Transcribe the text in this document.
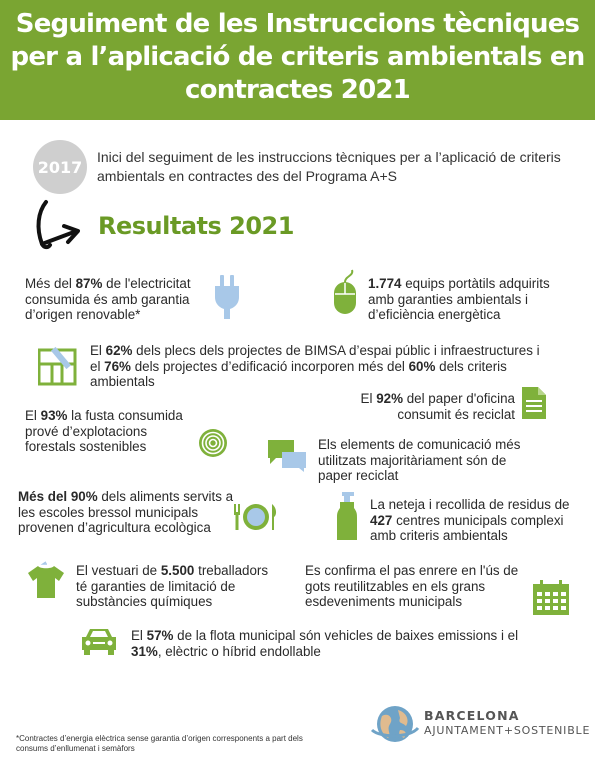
Seguiment de les Instruccions tècniques per a l’aplicació de criteris ambientals en contractes 2021
2017
Inici del seguiment de les instruccions tècniques per a l’aplicació de criteris ambientals en contractes des del Programa A+S
Resultats 2021
Més del 87% de l'electricitat consumida és amb garantia d’origen renovable*
1.774 equips portàtils adquirits amb garanties ambientals i d’eficiència energètica
El 62% dels plecs dels projectes de BIMSA d’espai públic i infraestructures i el 76% dels projectes d’edificació incorporen més del 60% dels criteris ambientals
El 92% del paper d'oficina consumit és reciclat
El 93% la fusta consumida prové d’explotacions forestals sostenibles	Els elements de comunicació més utilitzats majoritàriament són de paper reciclat
Més del 90% dels aliments servits a les escoles bressol municipals provenen d’agricultura ecològica
La neteja i recollida de residus de 427 centres municipals complexi amb criteris ambientals
El vestuari de 5.500 treballadors té garanties de limitació de substàncies químiques
Es confirma el pas enrere en l'ús de gots reutilitzables en els grans esdeveniments municipals
El 57% de la flota municipal són vehicles de baixes emissions i el 31%, elèctric o híbrid endollable
*Contractes d’energia elèctrica sense garantia d’origen corresponents a part dels consums d’enllumenat i semàfors
BARCELONA
AJUNTAMENT+SOSTENIBLE
